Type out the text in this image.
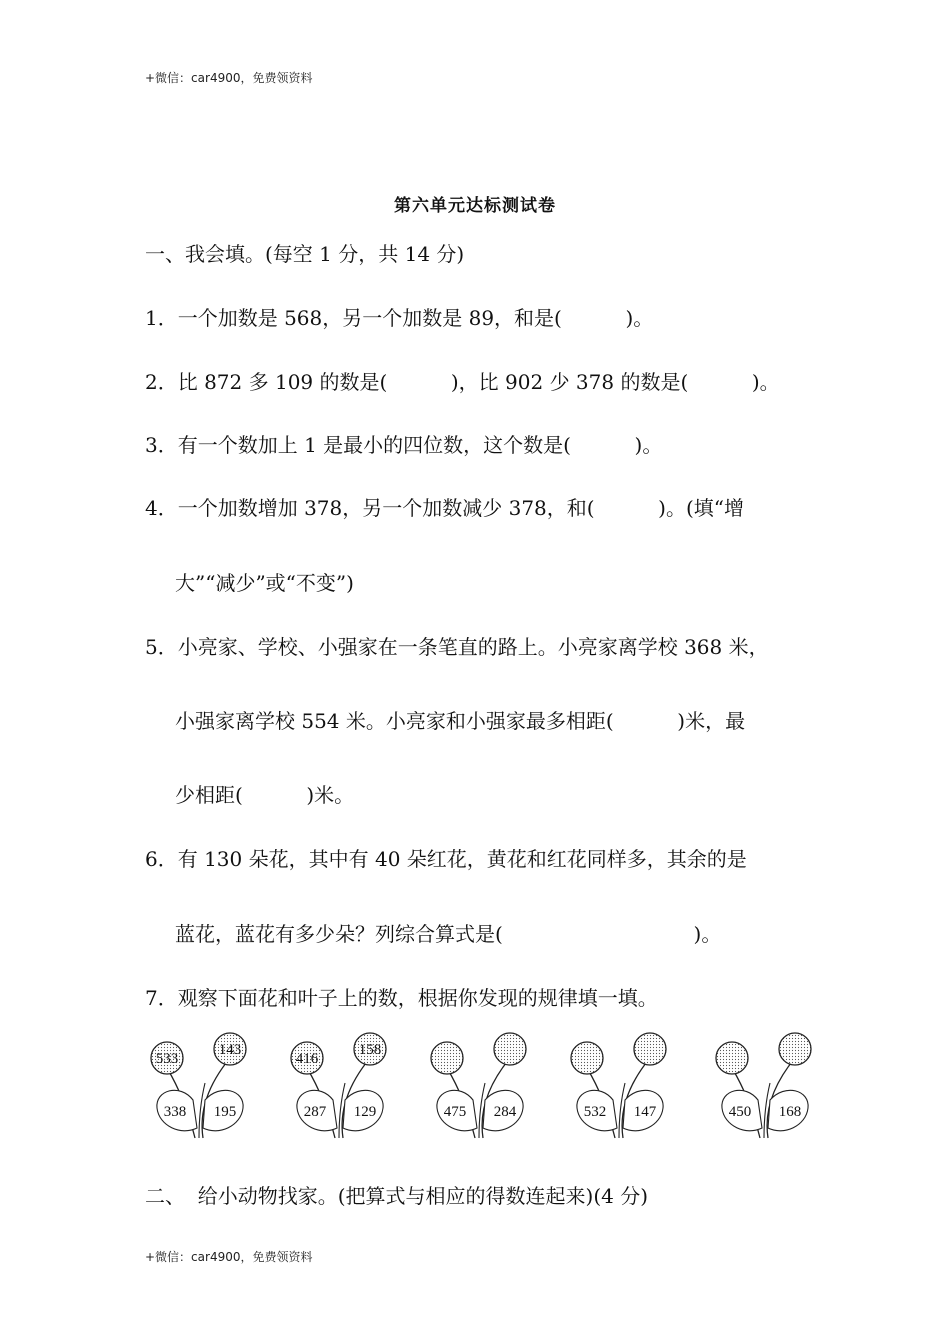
+微信：car4900，免费领资料
第六单元达标测试卷
一、我会填。(每空 1 分，共 14 分)
1．一个加数是 568，另一个加数是 89，和是(          )。
2．比 872 多 109 的数是(          )，比 902 少 378 的数是(          )。
3．有一个数加上 1 是最小的四位数，这个数是(          )。
4．一个加数增加 378，另一个加数减少 378，和(          )。(填“增
大”“减少”或“不变”)
5．小亮家、学校、小强家在一条笔直的路上。小亮家离学校 368 米，
小强家离学校 554 米。小亮家和小强家最多相距(          )米，最
少相距(          )米。
6．有 130 朵花，其中有 40 朵红花，黄花和红花同样多，其余的是
蓝花，蓝花有多少朵？列综合算式是(                              )。
7．观察下面花和叶子上的数，根据你发现的规律填一填。
533
143
338 195
416
158
287 129	475 284	532 147	450 168
二、  给小动物找家。(把算式与相应的得数连起来)(4 分)
+微信：car4900，免费领资料
